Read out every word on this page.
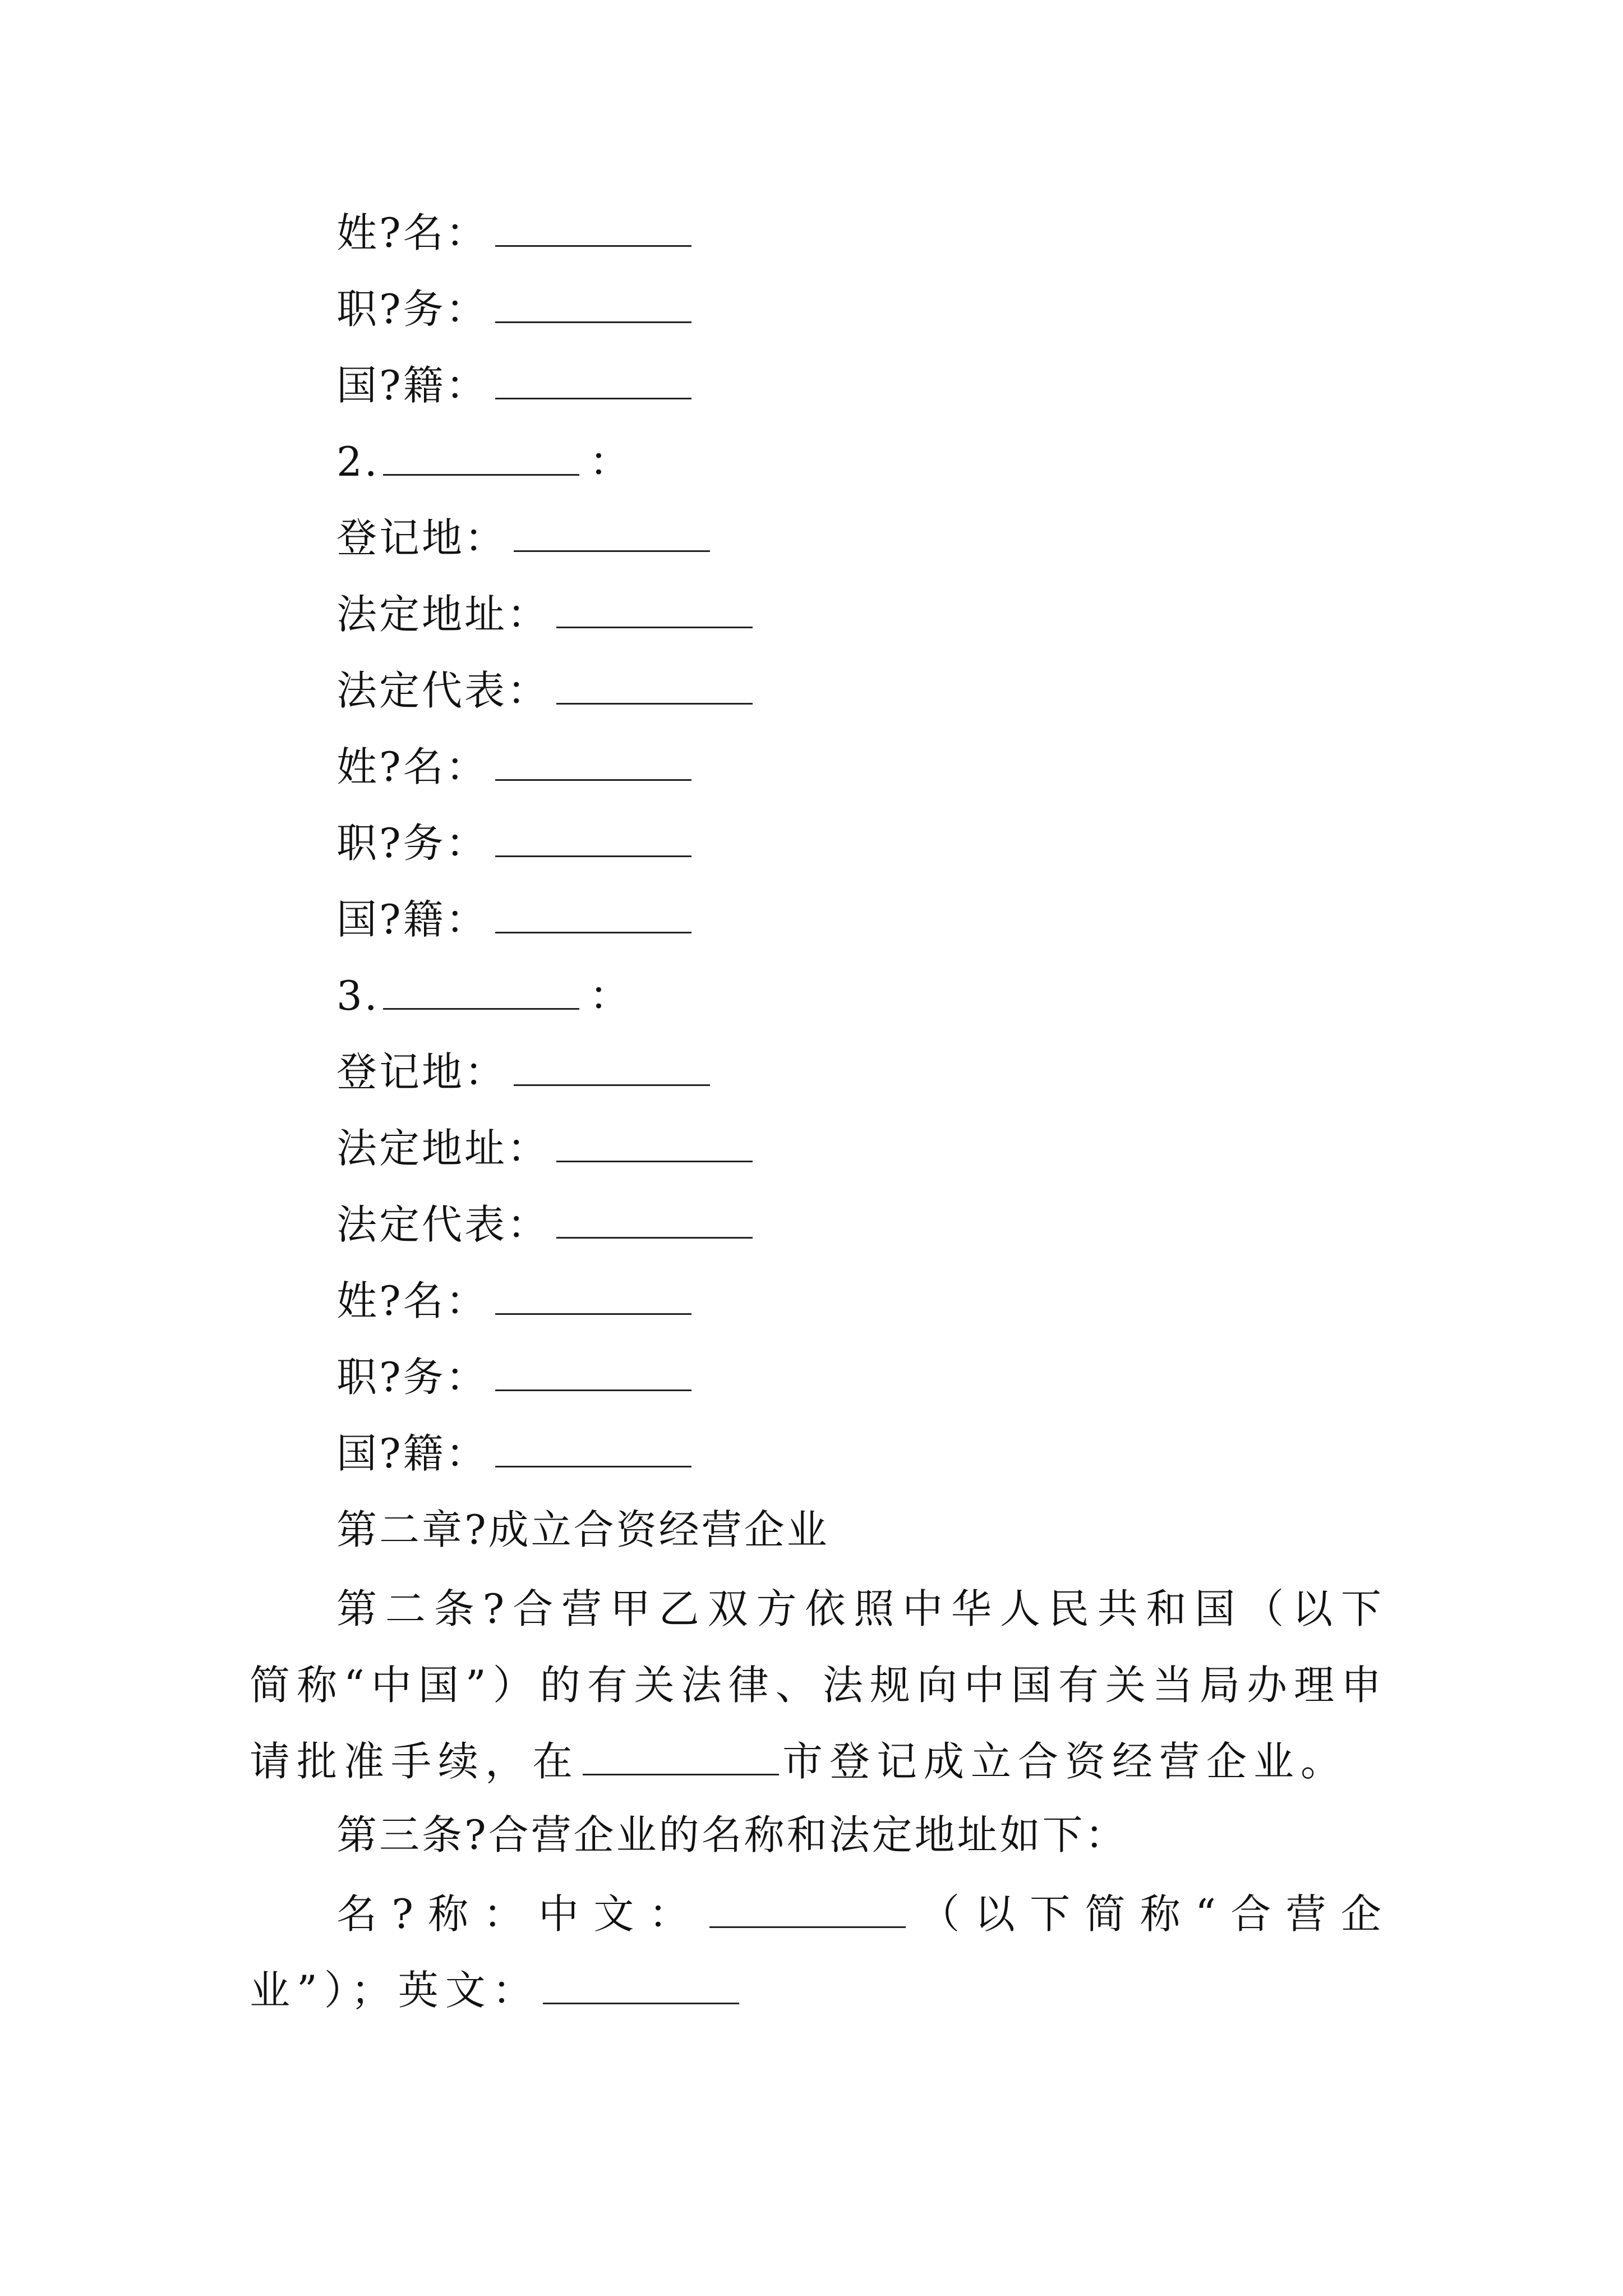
姓?名：
职?务：
国?籍：
2.	：
登记地：
法定地址：
法定代表：
姓?名：
职?务：
国?籍：
3.	：
登记地：
法定地址：
法定代表：
姓?名：
职?务：
国?籍：
第二章?成立合资经营企业
第二条?合营甲乙双方依照中华人民共和国（以下简称“中国”）的有关法律、法规向中国有关当局办理申请批准手续，在	市登记成立合资经营企业。
第三条?合营企业的名称和法定地址如下：
名?称：中文：	（以下简称“合营企业”）；英文：
